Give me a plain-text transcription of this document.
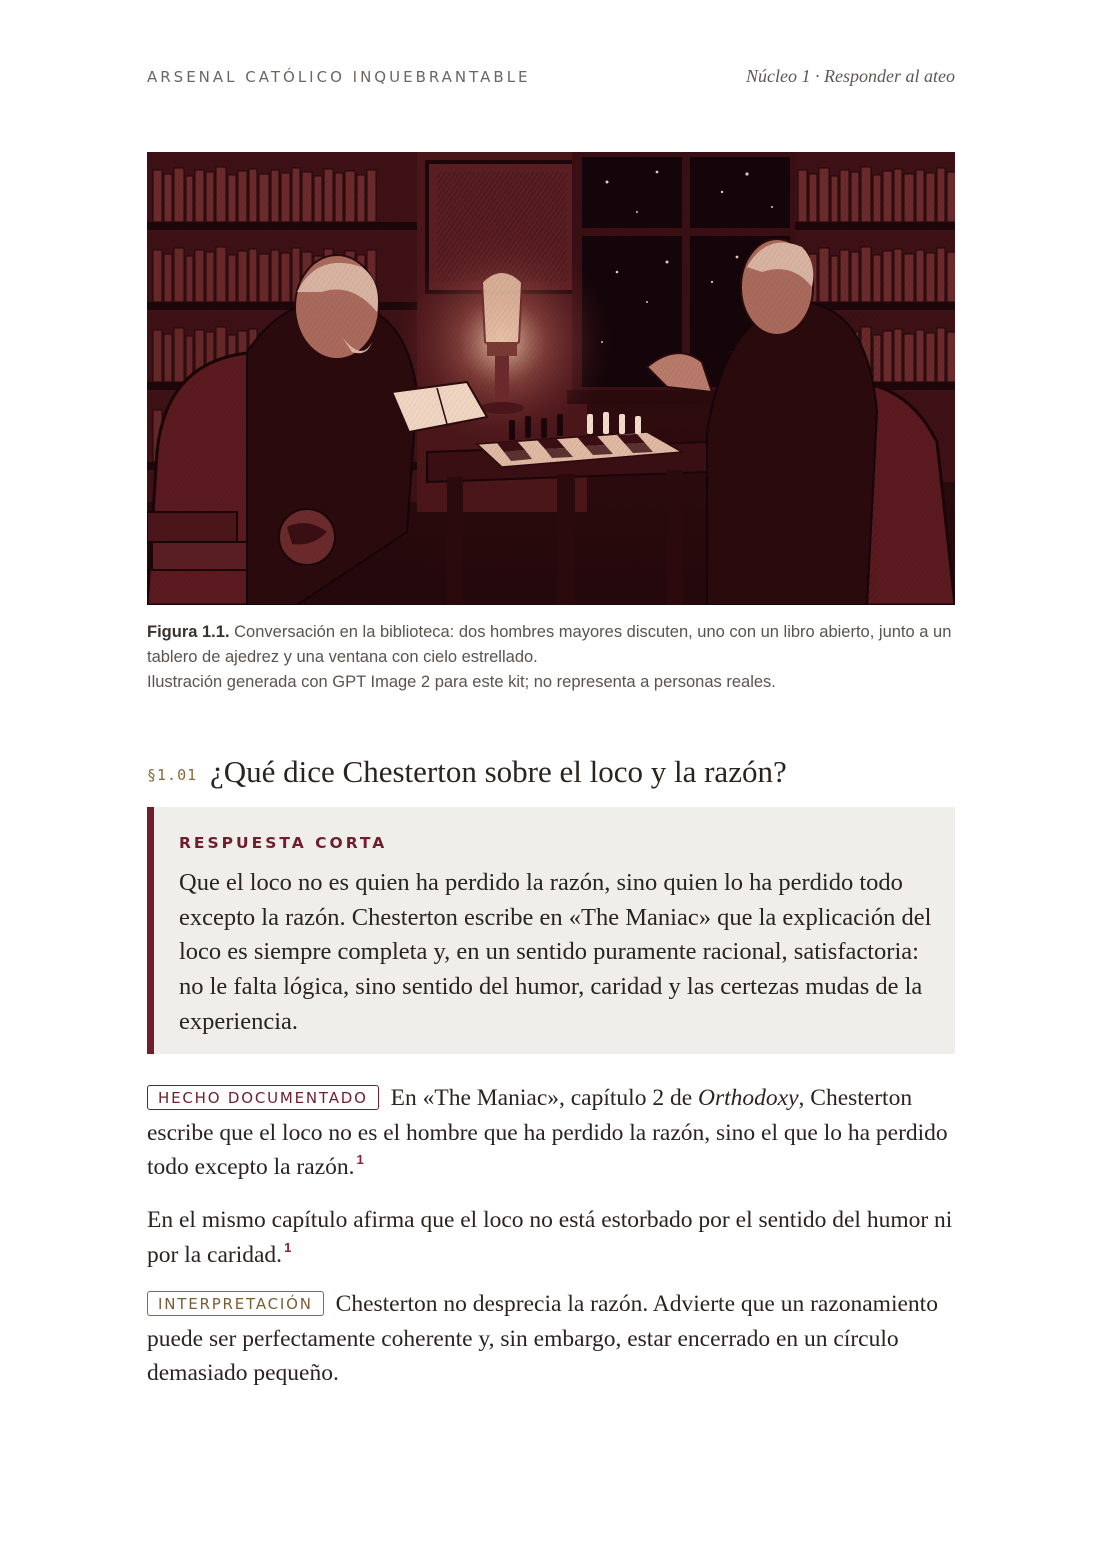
ARSENAL CATÓLICO INQUEBRANTABLE	Núcleo 1 · Responder al ateo

Figura 1.1. Conversación en la biblioteca: dos hombres mayores discuten, uno con un libro abierto, junto a un tablero de ajedrez y una ventana con cielo estrellado.

Ilustración generada con GPT Image 2 para este kit; no representa a personas reales.

§1.01 ¿Qué dice Chesterton sobre el loco y la razón?
RESPUESTA CORTA

Que el loco no es quien ha perdido la razón, sino quien lo ha perdido todo excepto la razón. Chesterton escribe en «The Maniac» que la explicación del loco es siempre completa y, en un sentido puramente racional, satisfactoria: no le falta lógica, sino sentido del humor, caridad y las certezas mudas de la experiencia.

HECHO DOCUMENTADO En «The Maniac», capítulo 2 de Orthodoxy, Chesterton escribe que el loco no es el hombre que ha perdido la razón, sino el que lo ha perdido todo excepto la razón. $^1$

En el mismo capítulo afirma que el loco no está estorbado por el sentido del humor ni por la caridad. $^1$

INTERPRETACIÓN Chesterton no desprecia la razón. Advierte que un razonamiento puede ser perfectamente coherente y, sin embargo, estar encerrado en un círculo demasiado pequeño.
